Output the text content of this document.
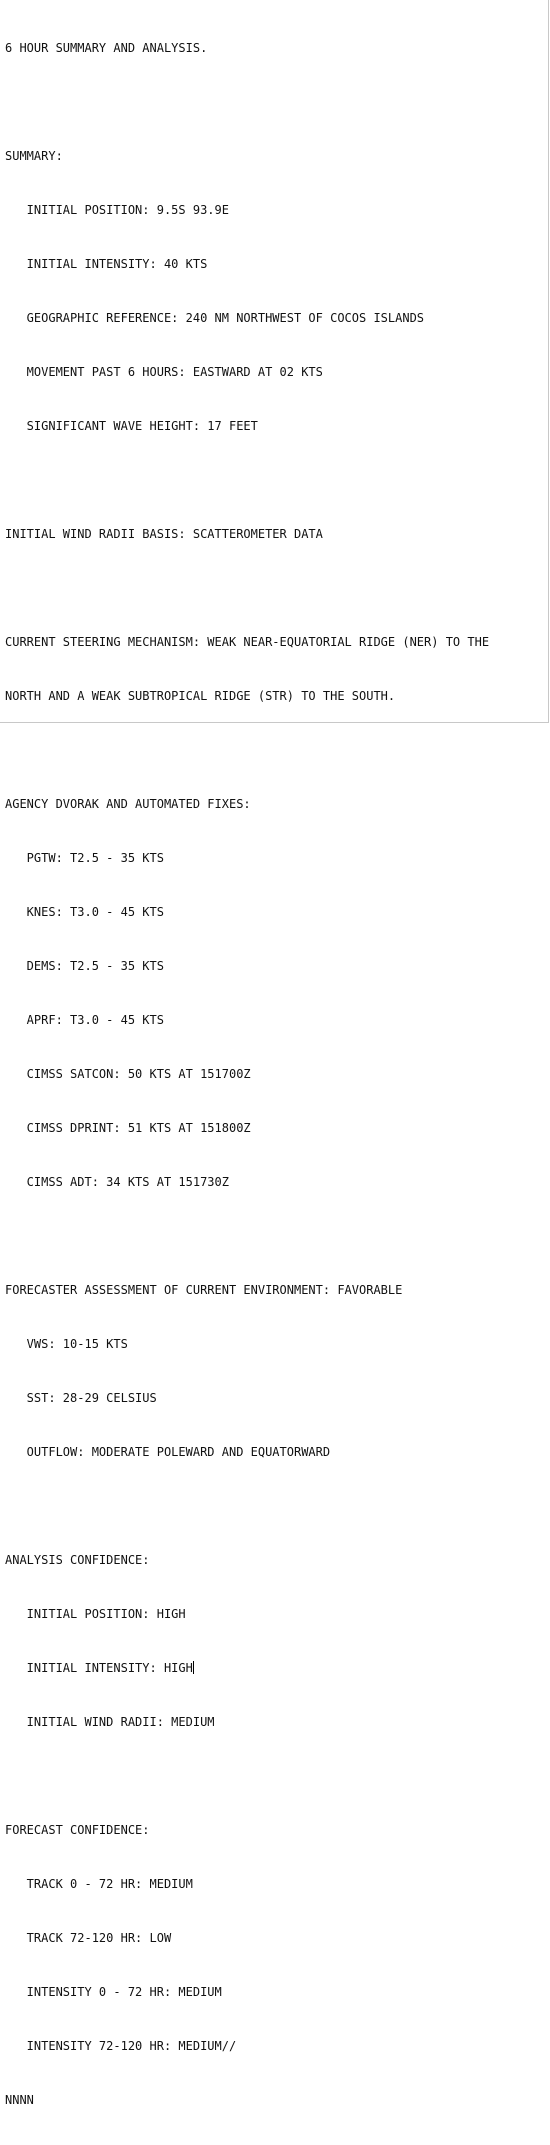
6 HOUR SUMMARY AND ANALYSIS.

SUMMARY:

INITIAL POSITION: 9.5S 93.9E

INITIAL INTENSITY: 40 KTS

GEOGRAPHIC REFERENCE: 240 NM NORTHWEST OF COCOS ISLANDS

MOVEMENT PAST 6 HOURS: EASTWARD AT 02 KTS

SIGNIFICANT WAVE HEIGHT: 17 FEET

INITIAL WIND RADII BASIS: SCATTEROMETER DATA

CURRENT STEERING MECHANISM: WEAK NEAR-EQUATORIAL RIDGE (NER) TO THE

NORTH AND A WEAK SUBTROPICAL RIDGE (STR) TO THE SOUTH.

AGENCY DVORAK AND AUTOMATED FIXES:

PGTW: T2.5 - 35 KTS

KNES: T3.0 - 45 KTS

DEMS: T2.5 - 35 KTS

APRF: T3.0 - 45 KTS

CIMSS SATCON: 50 KTS AT 151700Z

CIMSS DPRINT: 51 KTS AT 151800Z

CIMSS ADT: 34 KTS AT 151730Z

FORECASTER ASSESSMENT OF CURRENT ENVIRONMENT: FAVORABLE

VWS: 10-15 KTS

SST: 28-29 CELSIUS

OUTFLOW: MODERATE POLEWARD AND EQUATORWARD

ANALYSIS CONFIDENCE:

INITIAL POSITION: HIGH

INITIAL INTENSITY: HIGH

INITIAL WIND RADII: MEDIUM

FORECAST CONFIDENCE:

TRACK 0 - 72 HR: MEDIUM

TRACK 72-120 HR: LOW

INTENSITY 0 - 72 HR: MEDIUM

INTENSITY 72-120 HR: MEDIUM//

NNNN
